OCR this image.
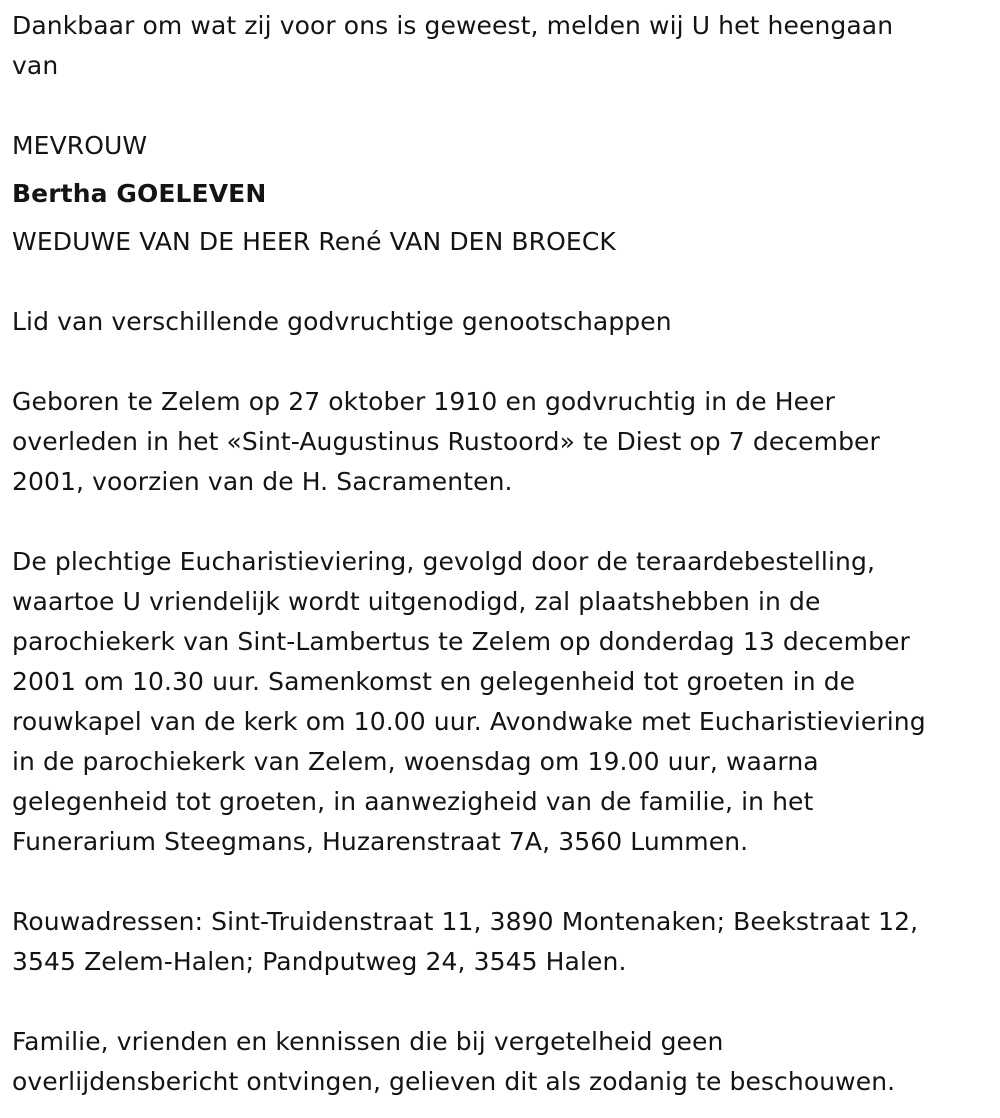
Dankbaar om wat zij voor ons is geweest, melden wij U het heengaan
van
MEVROUW
Bertha GOELEVEN
WEDUWE VAN DE HEER René VAN DEN BROECK
Lid van verschillende godvruchtige genootschappen
Geboren te Zelem op 27 oktober 1910 en godvruchtig in de Heer
overleden in het «Sint-Augustinus Rustoord» te Diest op 7 december
2001, voorzien van de H. Sacramenten.
De plechtige Eucharistieviering, gevolgd door de teraardebestelling,
waartoe U vriendelijk wordt uitgenodigd, zal plaatshebben in de
parochiekerk van Sint-Lambertus te Zelem op donderdag 13 december
2001 om 10.30 uur. Samenkomst en gelegenheid tot groeten in de
rouwkapel van de kerk om 10.00 uur. Avondwake met Eucharistieviering
in de parochiekerk van Zelem, woensdag om 19.00 uur, waarna
gelegenheid tot groeten, in aanwezigheid van de familie, in het
Funerarium Steegmans, Huzarenstraat 7A, 3560 Lummen.
Rouwadressen: Sint-Truidenstraat 11, 3890 Montenaken; Beekstraat 12,
3545 Zelem-Halen; Pandputweg 24, 3545 Halen.
Familie, vrienden en kennissen die bij vergetelheid geen
overlijdensbericht ontvingen, gelieven dit als zodanig te beschouwen.
